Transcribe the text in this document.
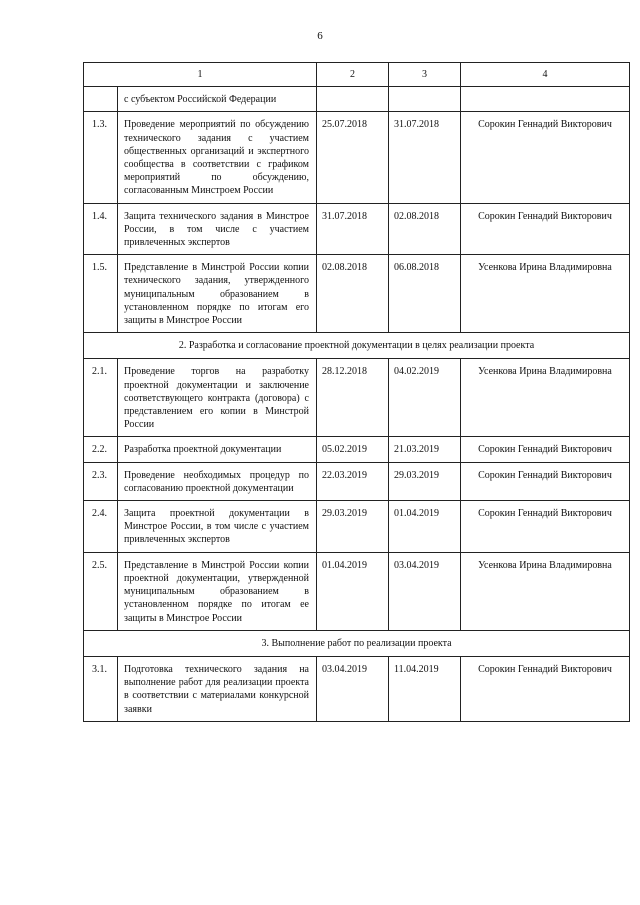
6
1		2	3	4
	с субъектом Российской Федерации			
1.3.	Проведение мероприятий по обсуждению технического задания с участием общественных организаций и экспертного сообщества в соответствии с графиком мероприятий по обсуждению, согласованным Минстроем России	25.07.2018	31.07.2018	Сорокин Геннадий Викторович
1.4.	Защита технического задания в Минстрое России, в том числе с участием привлеченных экспертов	31.07.2018	02.08.2018	Сорокин Геннадий Викторович
1.5.	Представление в Минстрой России копии технического задания, утвержденного муниципальным образованием в установленном порядке по итогам его защиты в Минстрое России	02.08.2018	06.08.2018	Усенкова Ирина Владимировна
2. Разработка и согласование проектной документации в целях реализации проекта				
2.1.	Проведение торгов на разработку проектной документации и заключение соответствующего контракта (договора) с представлением его копии в Минстрой России	28.12.2018	04.02.2019	Усенкова Ирина Владимировна
2.2.	Разработка проектной документации	05.02.2019	21.03.2019	Сорокин Геннадий Викторович
2.3.	Проведение необходимых процедур по согласованию проектной документации	22.03.2019	29.03.2019	Сорокин Геннадий Викторович
2.4.	Защита проектной документации в Минстрое России, в том числе с участием привлеченных экспертов	29.03.2019	01.04.2019	Сорокин Геннадий Викторович
2.5.	Представление в Минстрой России копии проектной документации, утвержденной муниципальным образованием в установленном порядке по итогам ее защиты в Минстрое России	01.04.2019	03.04.2019	Усенкова Ирина Владимировна
3. Выполнение работ по реализации проекта				
3.1.	Подготовка технического задания на выполнение работ для реализации проекта в соответствии с материалами конкурсной заявки	03.04.2019	11.04.2019	Сорокин Геннадий Викторович
